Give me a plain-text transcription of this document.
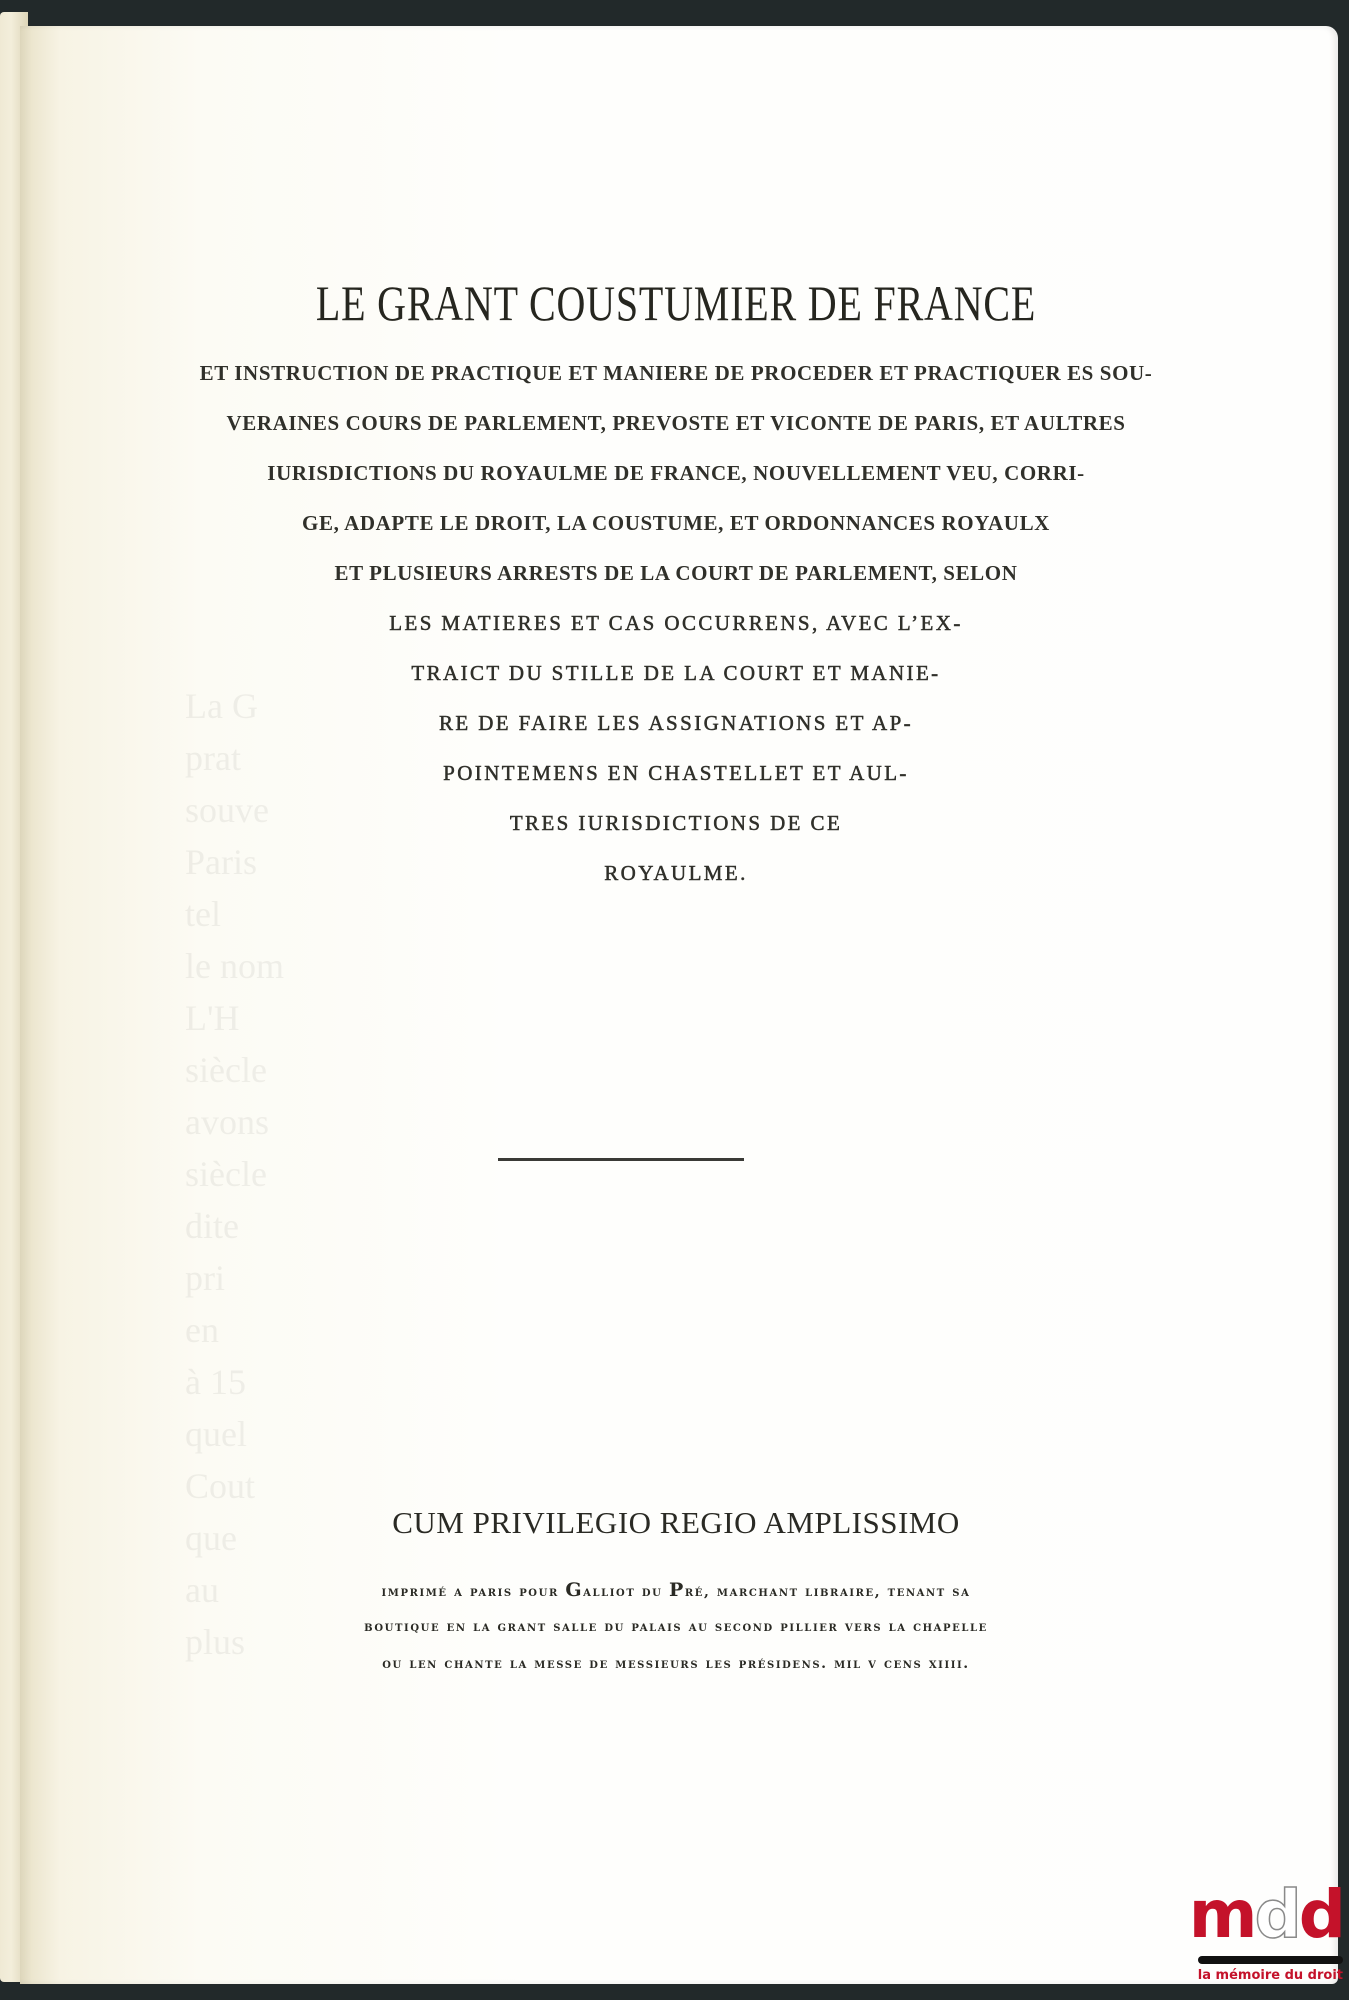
La G
prat
souve
Paris
tel
le nom
L'H
siècle
avons
siècle
dite
pri
en
à 15
quel
Cout
que
au
plus
LE GRANT COUSTUMIER DE FRANCE
ET INSTRUCTION DE PRACTIQUE ET MANIERE DE PROCEDER ET PRACTIQUER ES SOU-
VERAINES COURS DE PARLEMENT, PREVOSTE ET VICONTE DE PARIS, ET AULTRES
IURISDICTIONS DU ROYAULME DE FRANCE, NOUVELLEMENT VEU, CORRI-
GE, ADAPTE LE DROIT, LA COUSTUME, ET ORDONNANCES ROYAULX
ET PLUSIEURS ARRESTS DE LA COURT DE PARLEMENT, SELON
LES MATIERES ET CAS OCCURRENS, AVEC L’EX-
TRAICT DU STILLE DE LA COURT ET MANIE-
RE DE FAIRE LES ASSIGNATIONS ET AP-
POINTEMENS EN CHASTELLET ET AUL-
TRES IURISDICTIONS DE CE
ROYAULME.
CUM PRIVILEGIO REGIO AMPLISSIMO
imprimé a paris pour Galliot du Pré, marchant libraire, tenant sa
boutique en la grant salle du palais au second pillier vers la chapelle
ou len chante la messe de messieurs les présidens. mil v cens xiiii.
mdd
la mémoire du droit
